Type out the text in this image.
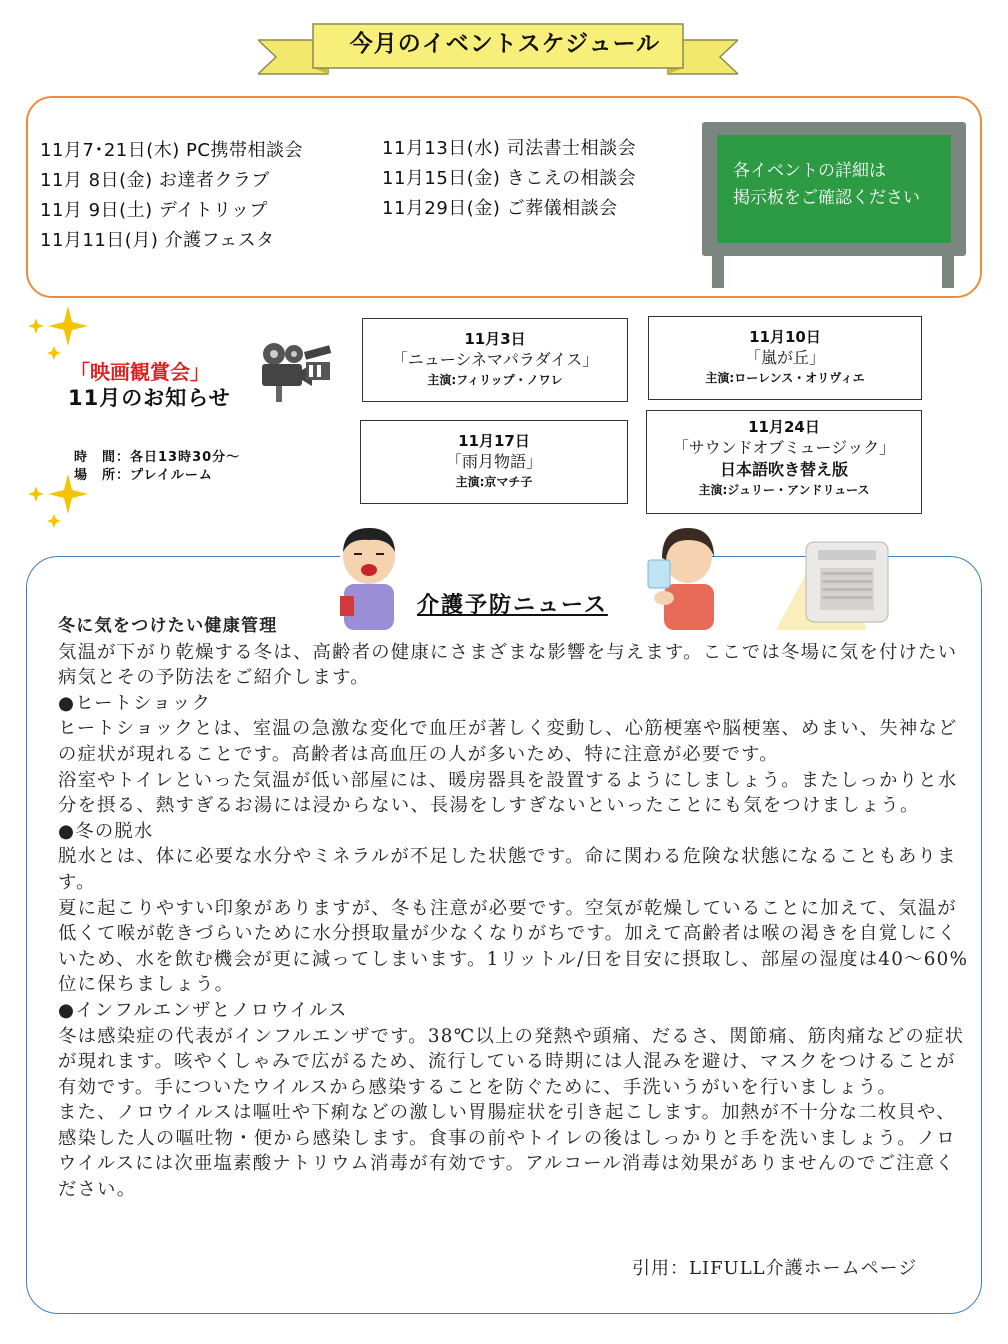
今月のイベントスケジュール
11月7･21日(木) PC携帯相談会
11月 8日(金) お達者クラブ
11月 9日(土) デイトリップ
11月11日(月) 介護フェスタ
11月13日(水) 司法書士相談会
11月15日(金) きこえの相談会
11月29日(金) ご葬儀相談会
各イベントの詳細は
掲示板をご確認ください
「映画観賞会」
11月のお知らせ
時　間：各日13時30分～
場　所：プレイルーム
11月3日
「ニューシネマパラダイス」
主演:フィリップ・ノワレ
11月10日
「嵐が丘」
主演:ローレンス・オリヴィエ
11月17日
「雨月物語」
主演:京マチ子
11月24日
「サウンドオブミュージック」
日本語吹き替え版
主演:ジュリー・アンドリュース
介護予防ニュース

冬に気をつけたい健康管理

気温が下がり乾燥する冬は、高齢者の健康にさまざまな影響を与えます。ここでは冬場に気を付けたい病気とその予防法をご紹介します。

●ヒートショック

ヒートショックとは、室温の急激な変化で血圧が著しく変動し、心筋梗塞や脳梗塞、めまい、失神などの症状が現れることです。高齢者は高血圧の人が多いため、特に注意が必要です。

浴室やトイレといった気温が低い部屋には、暖房器具を設置するようにしましょう。またしっかりと水分を摂る、熱すぎるお湯には浸からない、長湯をしすぎないといったことにも気をつけましょう。

●冬の脱水

脱水とは、体に必要な水分やミネラルが不足した状態です。命に関わる危険な状態になることもあります。

夏に起こりやすい印象がありますが、冬も注意が必要です。空気が乾燥していることに加えて、気温が低くて喉が乾きづらいために水分摂取量が少なくなりがちです。加えて高齢者は喉の渇きを自覚しにくいため、水を飲む機会が更に減ってしまいます。1リットル/日を目安に摂取し、部屋の湿度は40～60%位に保ちましょう。

●インフルエンザとノロウイルス

冬は感染症の代表がインフルエンザです。38℃以上の発熱や頭痛、だるさ、関節痛、筋肉痛などの症状が現れます。咳やくしゃみで広がるため、流行している時期には人混みを避け、マスクをつけることが有効です。手についたウイルスから感染することを防ぐために、手洗いうがいを行いましょう。

また、ノロウイルスは嘔吐や下痢などの激しい胃腸症状を引き起こします。加熱が不十分な二枚貝や、感染した人の嘔吐物・便から感染します。食事の前やトイレの後はしっかりと手を洗いましょう。ノロウイルスには次亜塩素酸ナトリウム消毒が有効です。アルコール消毒は効果がありませんのでご注意ください。

引用：LIFULL介護ホームページ
